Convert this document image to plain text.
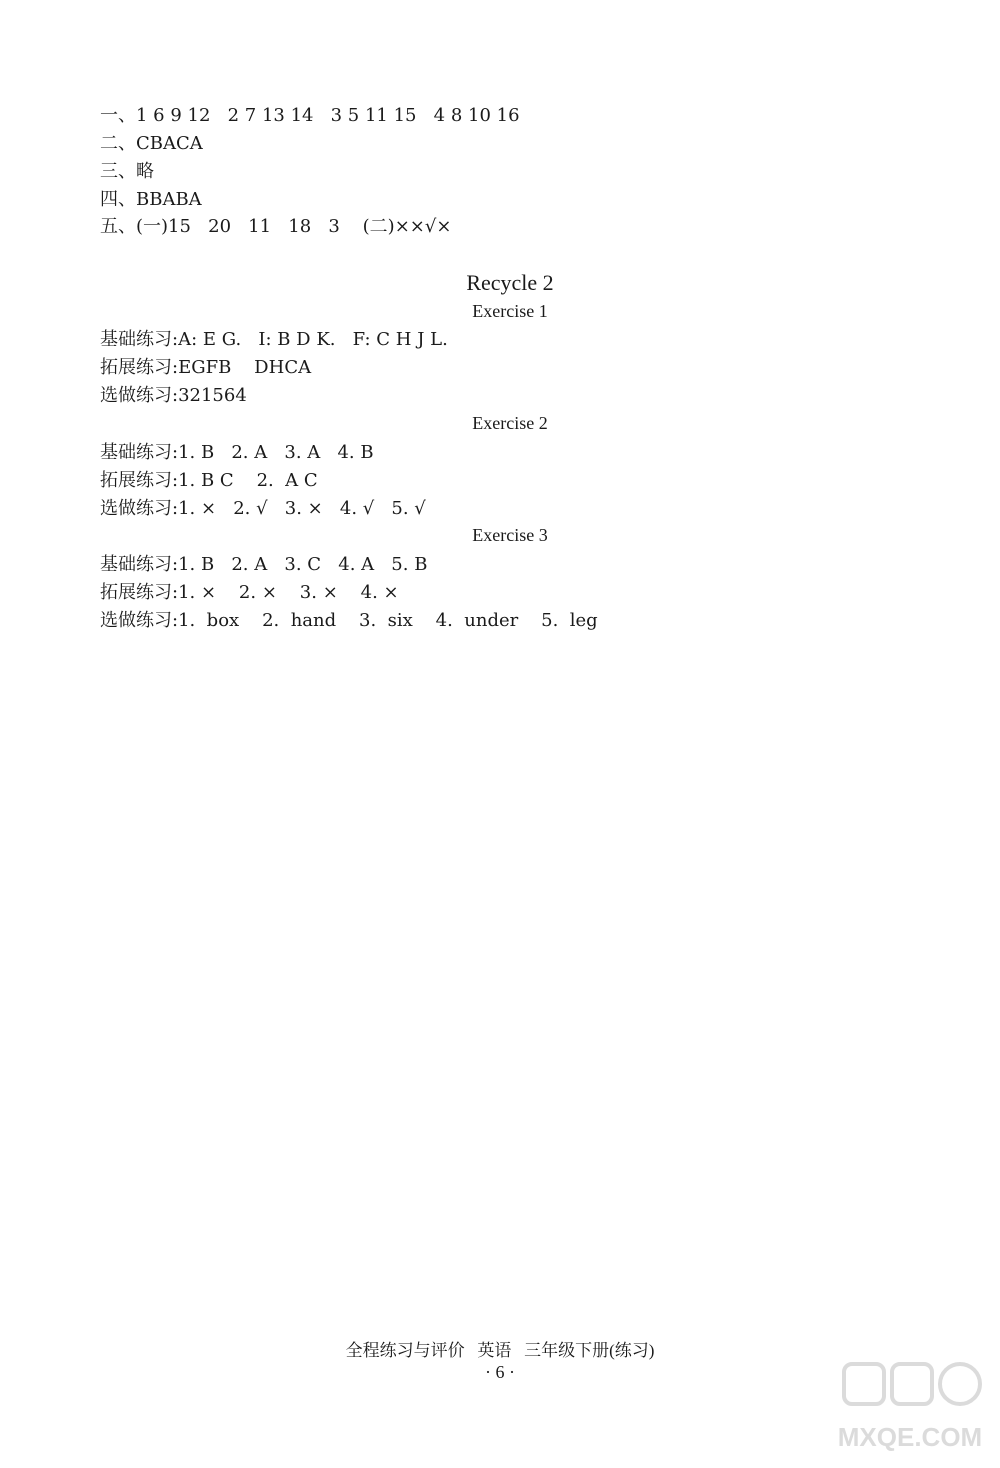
一、1 6 9 12   2 7 13 14   3 5 11 15   4 8 10 16
二、CBACA
三、略
四、BBABA
五、(一)15   20   11   18   3    (二)××√×
Recycle 2
Exercise 1
基础练习:A: E G.   I: B D K.   F: C H J L.
拓展练习:EGFB    DHCA
选做练习:321564
Exercise 2
基础练习:1. B   2. A   3. A   4. B
拓展练习:1. B C    2.  A C
选做练习:1. ×   2. √   3. ×   4. √   5. √
Exercise 3
基础练习:1. B   2. A   3. C   4. A   5. B
拓展练习:1. ×    2. ×    3. ×    4. ×
选做练习:1.  box    2.  hand    3.  six    4.  under    5.  leg
全程练习与评价   英语   三年级下册(练习)
· 6 ·
MXQE.COM
